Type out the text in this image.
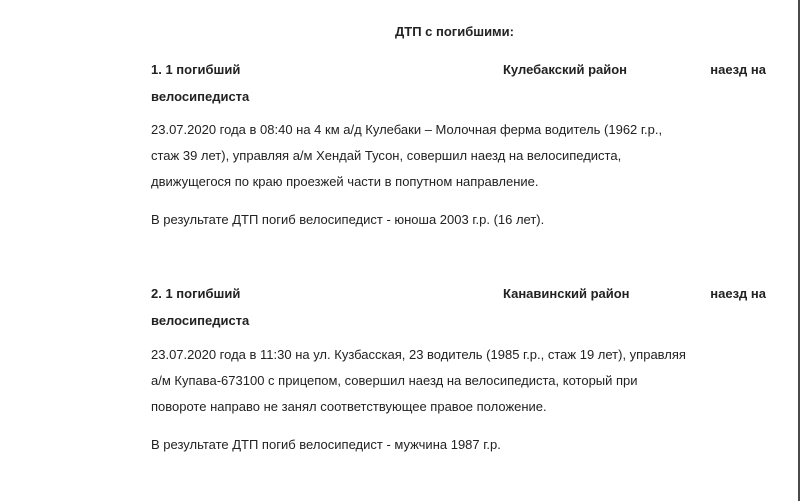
ДТП с погибшими:
1. 1 погибший	Кулебакский район	наезд на
велосипедиста
23.07.2020 года в 08:40 на 4 км а/д Кулебаки – Молочная ферма водитель (1962 г.р.,
стаж 39 лет), управляя а/м Хендай Тусон, совершил наезд на велосипедиста,
движущегося по краю проезжей части в попутном направление.
В результате ДТП погиб велосипедист - юноша 2003 г.р. (16 лет).
2. 1 погибший	Канавинский район	наезд на
велосипедиста
23.07.2020 года в 11:30 на ул. Кузбасская, 23 водитель (1985 г.р., стаж 19 лет), управляя
а/м Купава-673100 с прицепом, совершил наезд на велосипедиста, который при
повороте направо не занял соответствующее правое положение.
В результате ДТП погиб велосипедист - мужчина 1987 г.р.
